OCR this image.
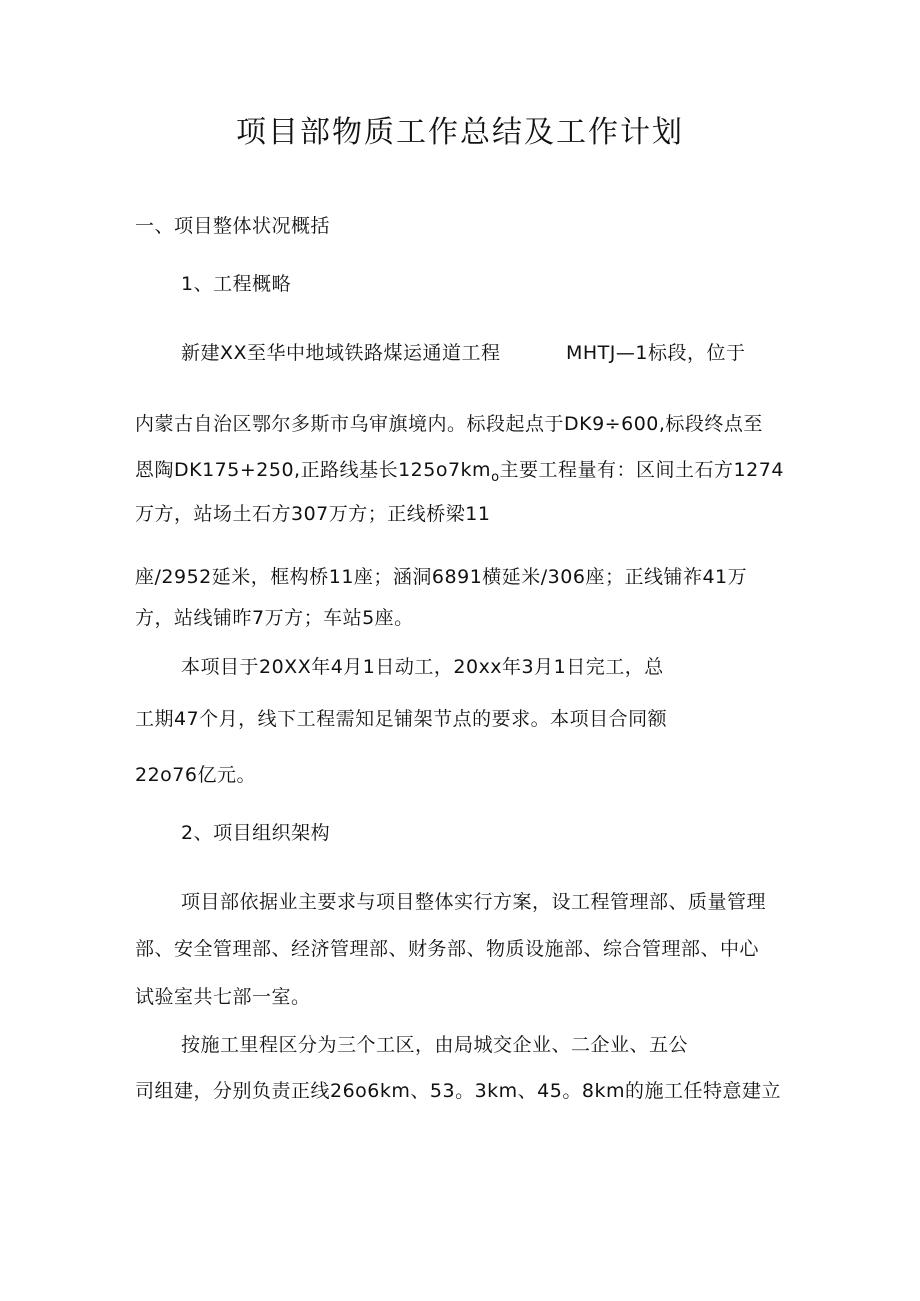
项目部物质工作总结及工作计划
一、项目整体状况概括
1、工程概略
新建XX至华中地域铁路煤运通道工程	MHTJ—1标段，位于
内蒙古自治区鄂尔多斯市乌审旗境内。标段起点于DK9÷600,标段终点至
恩陶DK175+250,正路线基长$125o7km_o$主要工程量有：区间土石方1274
万方，站场土石方307万方；正线桥梁11
座/2952延米，框构桥11座；涵洞6891横延米/306座；正线铺祚41万
方，站线铺昨7万方；车站5座。
本项目于20XX年4月1日动工，20xx年3月1日完工，总
工期47个月，线下工程需知足铺架节点的要求。本项目合同额
22o76亿元。
2、项目组织架构
项目部依据业主要求与项目整体实行方案，设工程管理部、质量管理
部、安全管理部、经济管理部、财务部、物质设施部、综合管理部、中心
试验室共七部一室。
按施工里程区分为三个工区，由局城交企业、二企业、五公
司组建，分别负责正线26o6km、53。3km、45。8km的施工任特意建立
